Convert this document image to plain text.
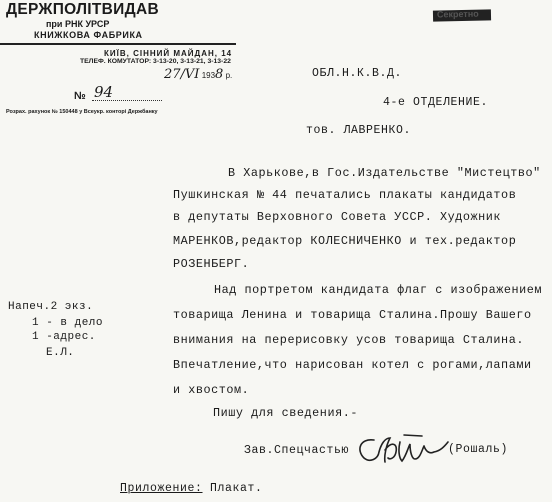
ДЕРЖПОЛІТВИДАВ
при РНК УРСР
КНИЖКОВА ФАБРИКА
КИЇВ, СІННИЙ МАЙДАН, 14
ТЕЛЕФ. КОМУТАТОР: 3-13-20, 3-13-21, 3-13-22
27/VI 1938 р.
№ 94
Розрах. рахунок № 150448 у Всеукр. конторі Держбанку
Секретно
ОБЛ.Н.К.В.Д.
4-е ОТДЕЛЕНИЕ.
тов. ЛАВРЕНКО.
В Харькове,в Гос.Издательстве "Мистецтво"
Пушкинская № 44 печатались плакаты кандидатов
в депутаты Верховного Совета УССР. Художник
МАРЕНКОВ,редактор КОЛЕСНИЧЕНКО и тех.редактор
РОЗЕНБЕРГ.
Над портретом кандидата флаг с изображением
товарища Ленина и товарища Сталина.Прошу Вашего
внимания на перерисовку усов товарища Сталина.
Впечатление,что нарисован котел с рогами,лапами
и хвостом.
Пишу для сведения.-
Напеч.2 экз.
1 - в дело
1 -адрес.
Е.Л.
Зав.Спецчастью	(Рошаль)
Приложение: Плакат.
